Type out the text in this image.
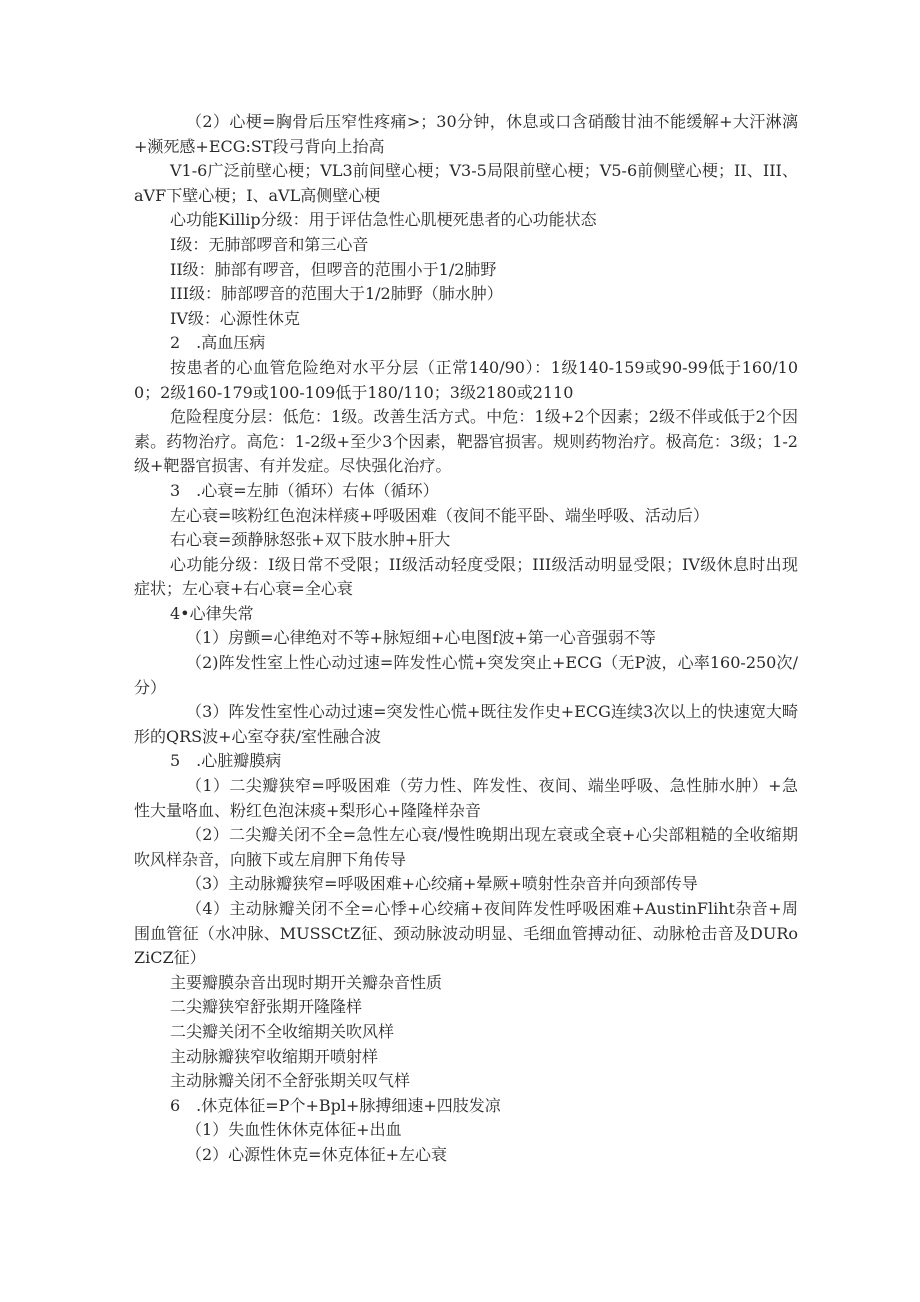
（2）心梗=胸骨后压窄性疼痛>；30分钟，休息或口含硝酸甘油不能缓解+大汗淋漓+濒死感+ECG:ST段弓背向上抬高

V1-6广泛前壁心梗；VL3前间壁心梗；V3-5局限前壁心梗；V5-6前侧壁心梗；II、III、aVF下壁心梗；I、aVL高侧壁心梗

心功能Killip分级：用于评估急性心肌梗死患者的心功能状态

I级：无肺部啰音和第三心音

II级：肺部有啰音，但啰音的范围小于1/2肺野

III级：肺部啰音的范围大于1/2肺野（肺水肿）

IV级：心源性休克

2　.高血压病

按患者的心血管危险绝对水平分层（正常140/90）：1级140-159或90-99低于160/100；2级160-179或100-109低于180/110；3级2180或2110

危险程度分层：低危：1级。改善生活方式。中危：1级+2个因素；2级不伴或低于2个因素。药物治疗。高危：1-2级+至少3个因素，靶器官损害。规则药物治疗。极高危：3级；1-2级+靶器官损害、有并发症。尽快强化治疗。

3　.心衰=左肺（循环）右体（循环）

左心衰=咳粉红色泡沫样痰+呼吸困难（夜间不能平卧、端坐呼吸、活动后）

右心衰=颈静脉怒张+双下肢水肿+肝大

心功能分级：I级日常不受限；II级活动轻度受限；III级活动明显受限；IV级休息时出现症状；左心衰+右心衰=全心衰

4•心律失常

（1）房颤=心律绝对不等+脉短细+心电图f波+第一心音强弱不等

（2)阵发性室上性心动过速=阵发性心慌+突发突止+ECG（无P波，心率160-250次/分）

（3）阵发性室性心动过速=突发性心慌+既往发作史+ECG连续3次以上的快速宽大畸形的QRS波+心室夺获/室性融合波

5　.心脏瓣膜病

（1）二尖瓣狭窄=呼吸困难（劳力性、阵发性、夜间、端坐呼吸、急性肺水肿）+急性大量咯血、粉红色泡沫痰+梨形心+隆隆样杂音

（2）二尖瓣关闭不全=急性左心衰/慢性晚期出现左衰或全衰+心尖部粗糙的全收缩期吹风样杂音，向腋下或左肩胛下角传导

（3）主动脉瓣狭窄=呼吸困难+心绞痛+晕厥+喷射性杂音并向颈部传导

（4）主动脉瓣关闭不全=心悸+心绞痛+夜间阵发性呼吸困难+AustinFliht杂音+周围血管征（水冲脉、MUSSCtZ征、颈动脉波动明显、毛细血管搏动征、动脉枪击音及DURoZiCZ征）

主要瓣膜杂音出现时期开关瓣杂音性质

二尖瓣狭窄舒张期开隆隆样

二尖瓣关闭不全收缩期关吹风样

主动脉瓣狭窄收缩期开喷射样

主动脉瓣关闭不全舒张期关叹气样

6　.休克体征=P个+Bpl+脉搏细速+四肢发凉

（1）失血性休休克体征+出血

（2）心源性休克=休克体征+左心衰
